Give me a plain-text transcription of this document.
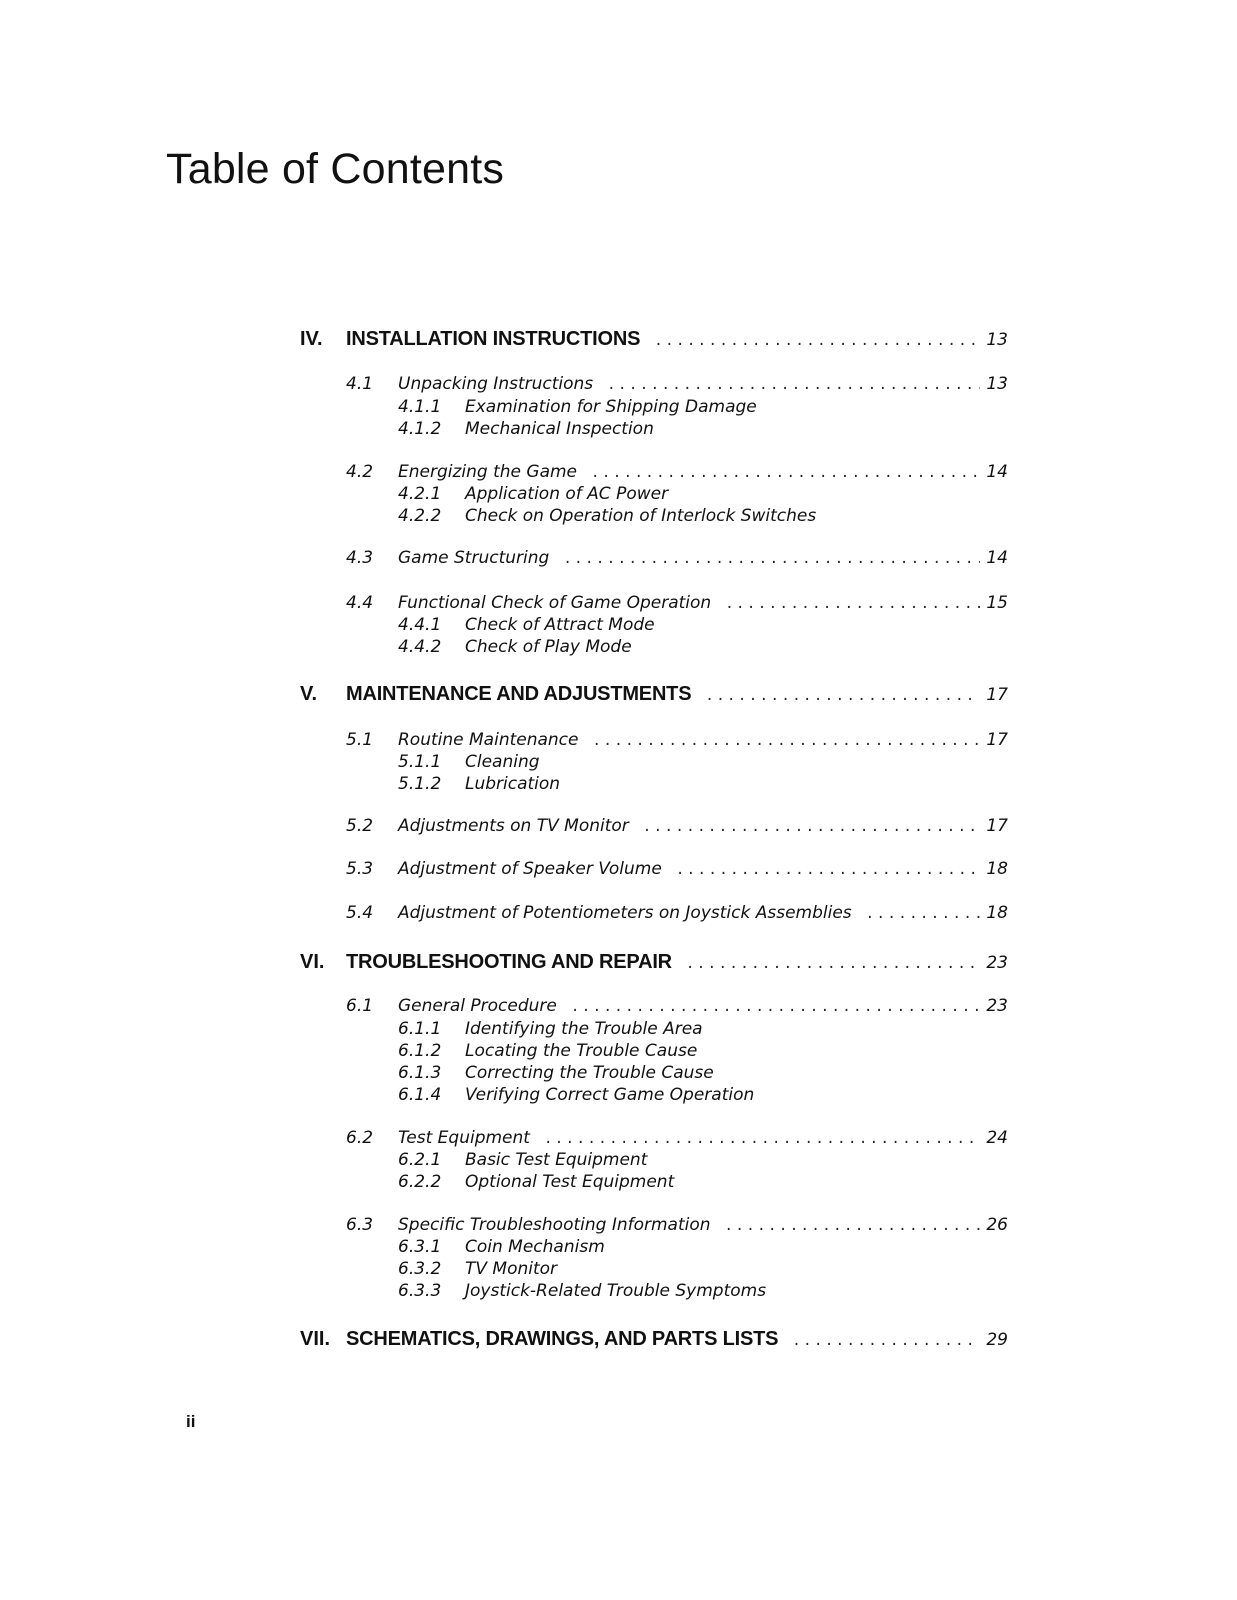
Table of Contents
IV.	INSTALLATION INSTRUCTIONS . . .	13
4.1	Unpacking Instructions . . .	13
4.1.1	Examination for Shipping Damage
4.1.2	Mechanical Inspection
4.2	Energizing the Game . . .	14
4.2.1	Application of AC Power
4.2.2	Check on Operation of Interlock Switches
4.3	Game Structuring . . .	14
4.4	Functional Check of Game Operation . . .	15
4.4.1	Check of Attract Mode
4.4.2	Check of Play Mode
V.	MAINTENANCE AND ADJUSTMENTS . . .	17
5.1	Routine Maintenance . . .	17
5.1.1	Cleaning
5.1.2	Lubrication
5.2	Adjustments on TV Monitor . . .	17
5.3	Adjustment of Speaker Volume . . .	18
5.4	Adjustment of Potentiometers on Joystick Assemblies . . .	18
VI.	TROUBLESHOOTING AND REPAIR . . .	23
6.1	General Procedure . . .	23
6.1.1	Identifying the Trouble Area
6.1.2	Locating the Trouble Cause
6.1.3	Correcting the Trouble Cause
6.1.4	Verifying Correct Game Operation
6.2	Test Equipment . . .	24
6.2.1	Basic Test Equipment
6.2.2	Optional Test Equipment
6.3	Specific Troubleshooting Information . . .	26
6.3.1	Coin Mechanism
6.3.2	TV Monitor
6.3.3	Joystick-Related Trouble Symptoms
VII. SCHEMATICS, DRAWINGS, AND PARTS LISTS . . .	29
ii
